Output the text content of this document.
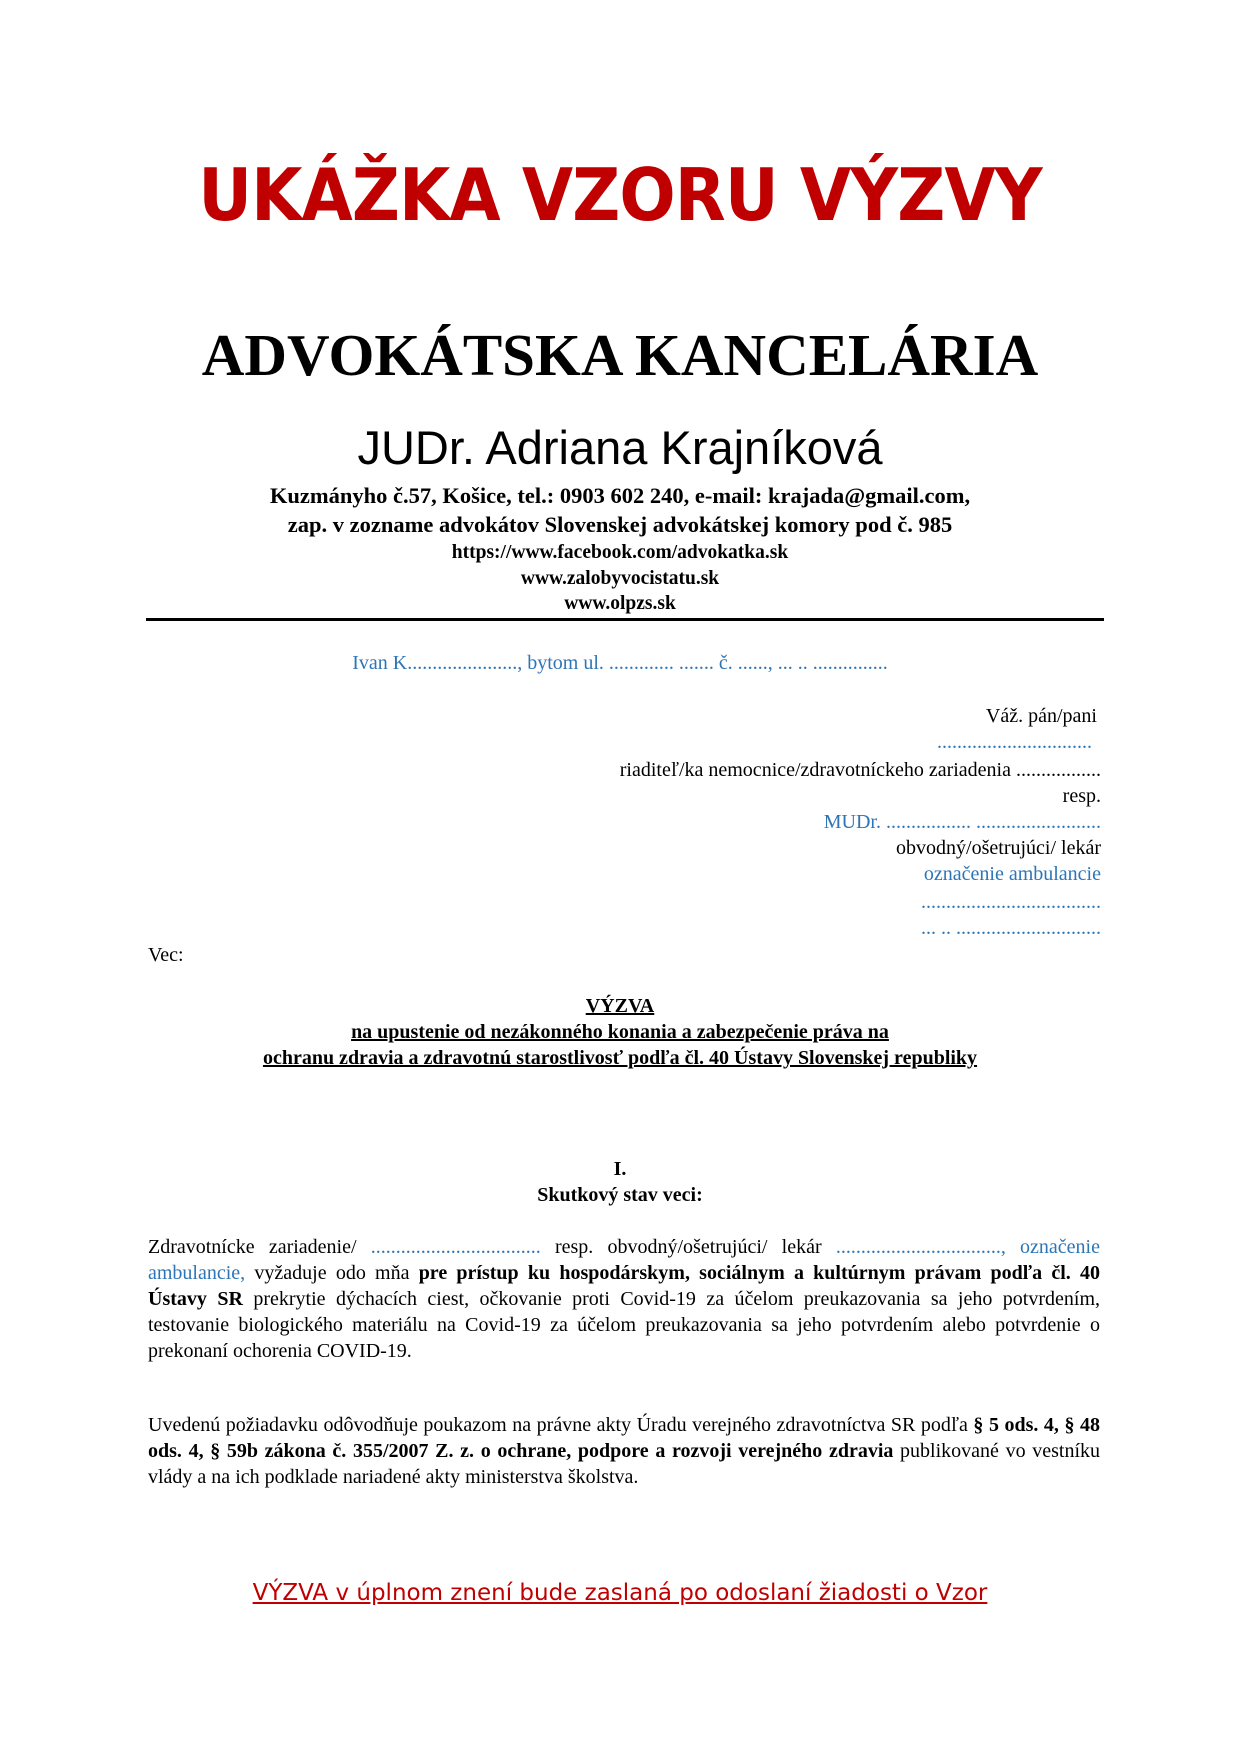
UKÁŽKA VZORU VÝZVY
ADVOKÁTSKA KANCELÁRIA
JUDr. Adriana Krajníková
Kuzmányho č.57, Košice, tel.: 0903 602 240, e-mail: krajada@gmail.com,
zap. v zozname advokátov Slovenskej advokátskej komory pod č. 985
https://www.facebook.com/advokatka.sk
www.zalobyvocistatu.sk
www.olpzs.sk
Ivan K......................, bytom ul. ............. ....... č. ......, ... .. ...............
Váž. pán/pani
...............................
riaditeľ/ka nemocnice/zdravotníckeho zariadenia .................
resp.
MUDr. ................. .........................
obvodný/ošetrujúci/ lekár
označenie ambulancie
....................................
... .. .............................
Vec:
VÝZVA
na upustenie od nezákonného konania a zabezpečenie práva na
ochranu zdravia a zdravotnú starostlivosť podľa čl. 40 Ústavy Slovenskej republiky
I.
Skutkový stav veci:
Zdravotnícke zariadenie/ .................................. resp. obvodný/ošetrujúci/ lekár ................................., označenie ambulancie, vyžaduje odo mňa pre prístup ku hospodárskym, sociálnym a kultúrnym právam podľa čl. 40 Ústavy SR prekrytie dýchacích ciest, očkovanie proti Covid-19 za účelom preukazovania sa jeho potvrdením, testovanie biologického materiálu na Covid-19 za účelom preukazovania sa jeho potvrdením alebo potvrdenie o prekonaní ochorenia COVID-19.
Uvedenú požiadavku odôvodňuje poukazom na právne akty Úradu verejného zdravotníctva SR podľa § 5 ods. 4, § 48 ods. 4, § 59b zákona č. 355/2007 Z. z. o ochrane, podpore a rozvoji verejného zdravia publikované vo vestníku vlády a na ich podklade nariadené akty ministerstva školstva.
VÝZVA v úplnom znení bude zaslaná po odoslaní žiadosti o Vzor
